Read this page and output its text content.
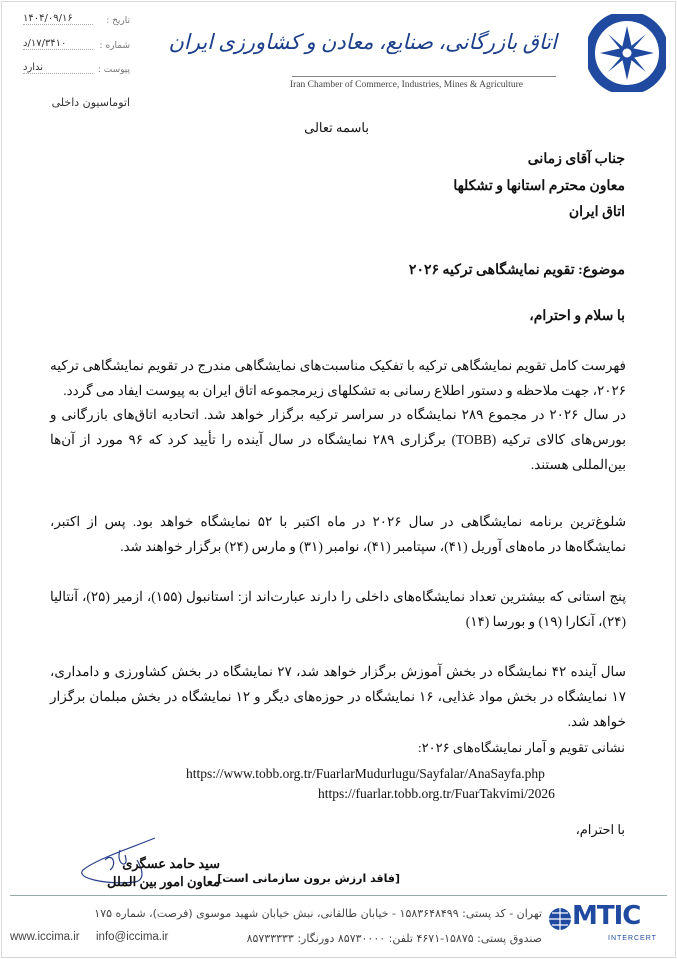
اتاق بازرگانی، صنایع، معادن و کشاورزی ایران
Iran Chamber of Commerce, Industries, Mines & Agriculture
تاریخ :
۱۴۰۴/۰۹/۱۶
شماره :
۱۷/۳۴۱۰/د
پیوست :
ندارد
اتوماسیون داخلی
باسمه تعالی
جناب آقای زمانی
معاون محترم استانها و تشکلها
اتاق ایران
موضوع: تقویم نمایشگاهی ترکیه ۲۰۲۶
با سلام و احترام،
فهرست کامل تقویم نمایشگاهی ترکیه با تفکیک مناسبت‌های نمایشگاهی مندرج در تقویم نمایشگاهی ترکیه ۲۰۲۶، جهت ملاحظه و دستور اطلاع رسانی به تشکلهای زیرمجموعه اتاق ایران به پیوست ایفاد می گردد.
در سال ۲۰۲۶ در مجموع ۲۸۹ نمایشگاه در سراسر ترکیه برگزار خواهد شد. اتحادیه اتاق‌های بازرگانی و بورس‌های کالای ترکیه (TOBB) برگزاری ۲۸۹ نمایشگاه در سال آینده را تأیید کرد که ۹۶ مورد از آن‌ها بین‌المللی هستند.
شلوغ‌ترین برنامه نمایشگاهی در سال ۲۰۲۶ در ماه اکتبر با ۵۲ نمایشگاه خواهد بود. پس از اکتبر، نمایشگاه‌ها در ماه‌های آوریل (۴۱)، سپتامبر (۴۱)، نوامبر (۳۱) و مارس (۲۴) برگزار خواهند شد.
پنج استانی که بیشترین تعداد نمایشگاه‌های داخلی را دارند عبارت‌اند از: استانبول (۱۵۵)، ازمیر (۲۵)، آنتالیا (۲۴)، آنکارا (۱۹) و بورسا (۱۴)
سال آینده ۴۲ نمایشگاه در بخش آموزش برگزار خواهد شد، ۲۷ نمایشگاه در بخش کشاورزی و دامداری، ۱۷ نمایشگاه در بخش مواد غذایی، ۱۶ نمایشگاه در حوزه‌های دیگر و ۱۲ نمایشگاه در بخش مبلمان برگزار خواهد شد.
نشانی تقویم و آمار نمایشگاه‌های ۲۰۲۶:
https://www.tobb.org.tr/FuarlarMudurlugu/Sayfalar/AnaSayfa.php
https://fuarlar.tobb.org.tr/FuarTakvimi/2026
با احترام،
سید حامد عسگری
معاون امور بین الملل
[فاقد ارزش برون سازمانی است]
تهران - کد پستی: ۱۵۸۳۶۴۸۴۹۹ - خیابان طالقانی، نبش خیابان شهید موسوی (فرصت)، شماره ۱۷۵
صندوق پستی: ۱۵۸۷۵-۴۶۷۱ تلفن: ۸۵۷۳۰۰۰۰ دورنگار: ۸۵۷۳۳۳۳۳
info@iccima.ir
www.iccima.ir
MTIC
INTERCERT
